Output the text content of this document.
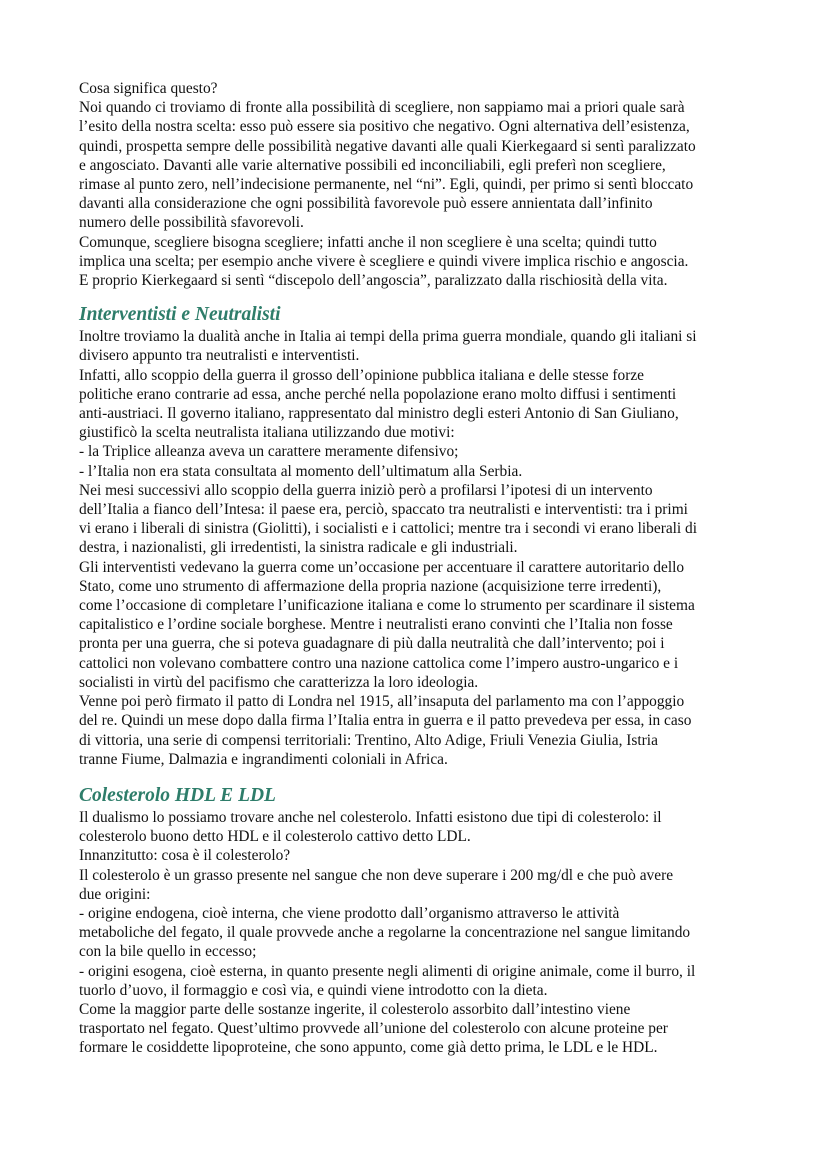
Cosa significa questo?
Noi quando ci troviamo di fronte alla possibilità di scegliere, non sappiamo mai a priori quale sarà
l’esito della nostra scelta: esso può essere sia positivo che negativo. Ogni alternativa dell’esistenza,
quindi, prospetta sempre delle possibilità negative davanti alle quali Kierkegaard si sentì paralizzato
e angosciato. Davanti alle varie alternative possibili ed inconciliabili, egli preferì non scegliere,
rimase al punto zero, nell’indecisione permanente, nel “ni”. Egli, quindi, per primo si sentì bloccato
davanti alla considerazione che ogni possibilità favorevole può essere annientata dall’infinito
numero delle possibilità sfavorevoli.
Comunque, scegliere bisogna scegliere; infatti anche il non scegliere è una scelta; quindi tutto
implica una scelta; per esempio anche vivere è scegliere e quindi vivere implica rischio e angoscia.
E proprio Kierkegaard si sentì “discepolo dell’angoscia”, paralizzato dalla rischiosità della vita.
Interventisti e Neutralisti
Inoltre troviamo la dualità anche in Italia ai tempi della prima guerra mondiale, quando gli italiani si
divisero appunto tra neutralisti e interventisti.
Infatti, allo scoppio della guerra il grosso dell’opinione pubblica italiana e delle stesse forze
politiche erano contrarie ad essa, anche perché nella popolazione erano molto diffusi i sentimenti
anti-austriaci. Il governo italiano, rappresentato dal ministro degli esteri Antonio di San Giuliano,
giustificò la scelta neutralista italiana utilizzando due motivi:
- la Triplice alleanza aveva un carattere meramente difensivo;
- l’Italia non era stata consultata al momento dell’ultimatum alla Serbia.
Nei mesi successivi allo scoppio della guerra iniziò però a profilarsi l’ipotesi di un intervento
dell’Italia a fianco dell’Intesa: il paese era, perciò, spaccato tra neutralisti e interventisti: tra i primi
vi erano i liberali di sinistra (Giolitti), i socialisti e i cattolici; mentre tra i secondi vi erano liberali di
destra, i nazionalisti, gli irredentisti, la sinistra radicale e gli industriali.
Gli interventisti vedevano la guerra come un’occasione per accentuare il carattere autoritario dello
Stato, come uno strumento di affermazione della propria nazione (acquisizione terre irredenti),
come l’occasione di completare l’unificazione italiana e come lo strumento per scardinare il sistema
capitalistico e l’ordine sociale borghese. Mentre i neutralisti erano convinti che l’Italia non fosse
pronta per una guerra, che si poteva guadagnare di più dalla neutralità che dall’intervento; poi i
cattolici non volevano combattere contro una nazione cattolica come l’impero austro-ungarico e i
socialisti in virtù del pacifismo che caratterizza la loro ideologia.
Venne poi però firmato il patto di Londra nel 1915, all’insaputa del parlamento ma con l’appoggio
del re. Quindi un mese dopo dalla firma l’Italia entra in guerra e il patto prevedeva per essa, in caso
di vittoria, una serie di compensi territoriali: Trentino, Alto Adige, Friuli Venezia Giulia, Istria
tranne Fiume, Dalmazia e ingrandimenti coloniali in Africa.
Colesterolo HDL E LDL
Il dualismo lo possiamo trovare anche nel colesterolo. Infatti esistono due tipi di colesterolo: il
colesterolo buono detto HDL e il colesterolo cattivo detto LDL.
Innanzitutto: cosa è il colesterolo?
Il colesterolo è un grasso presente nel sangue che non deve superare i 200 mg/dl e che può avere
due origini:
- origine endogena, cioè interna, che viene prodotto dall’organismo attraverso le attività
metaboliche del fegato, il quale provvede anche a regolarne la concentrazione nel sangue limitando
con la bile quello in eccesso;
- origini esogena, cioè esterna, in quanto presente negli alimenti di origine animale, come il burro, il
tuorlo d’uovo, il formaggio e così via, e quindi viene introdotto con la dieta.
Come la maggior parte delle sostanze ingerite, il colesterolo assorbito dall’intestino viene
trasportato nel fegato. Quest’ultimo provvede all’unione del colesterolo con alcune proteine per
formare le cosiddette lipoproteine, che sono appunto, come già detto prima, le LDL e le HDL.
